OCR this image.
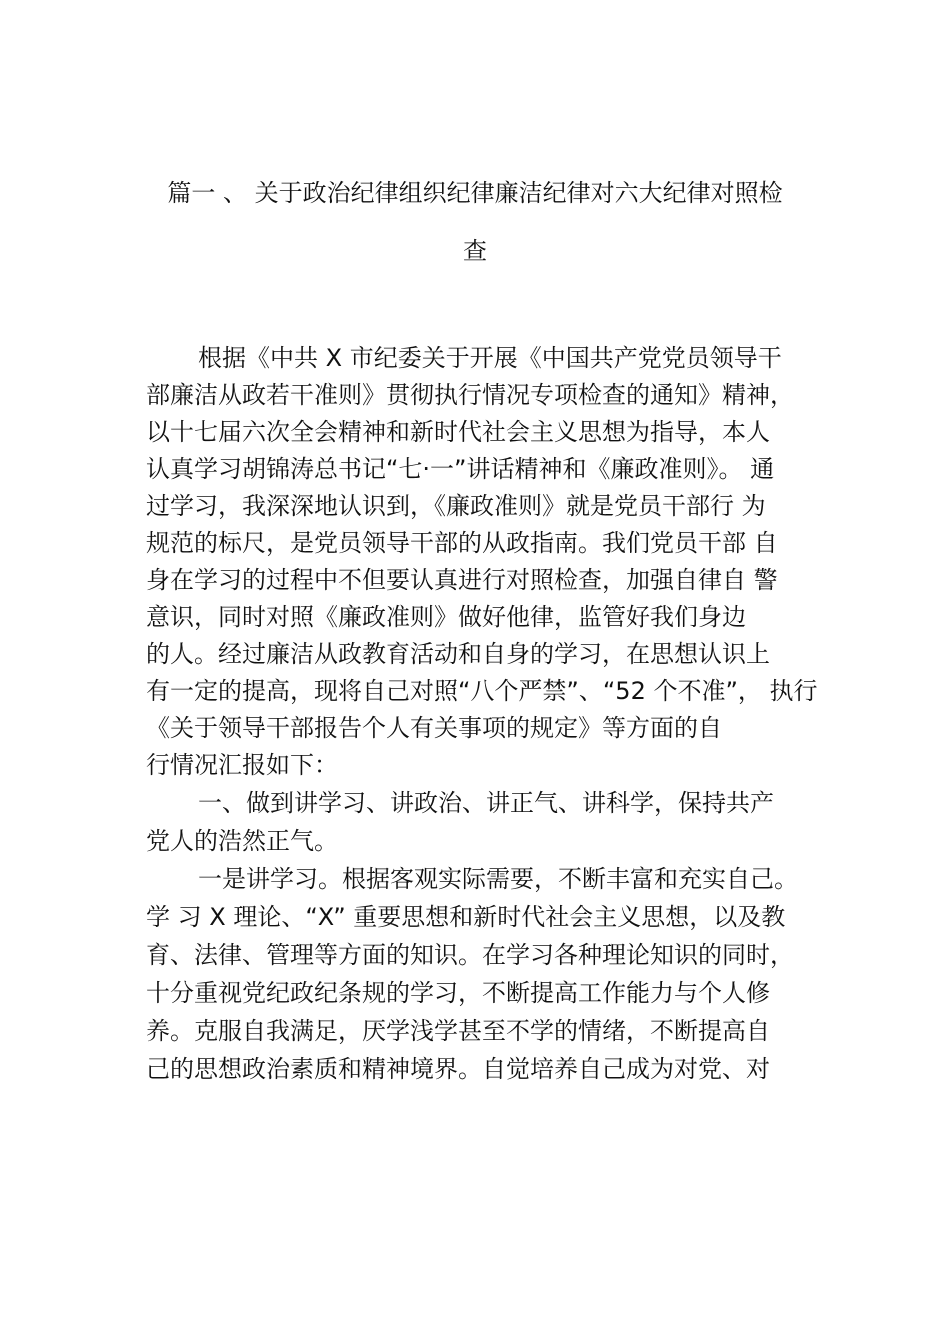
篇一 、 关于政治纪律组织纪律廉洁纪律对六大纪律对照检
查
根据《中共 X 市纪委关于开展《中国共产党党员领导干
部廉洁从政若干准则》贯彻执行情况专项检查的通知》精神，
以十七届六次全会精神和新时代社会主义思想为指导，本人
认真学习胡锦涛总书记“七·一”讲话精神和《廉政准则》。 通
过学习，我深深地认识到，《廉政准则》就是党员干部行 为
规范的标尺，是党员领导干部的从政指南。我们党员干部 自
身在学习的过程中不但要认真进行对照检查，加强自律自 警
意识，同时对照《廉政准则》做好他律，监管好我们身边
的人。经过廉洁从政教育活动和自身的学习，在思想认识上
有一定的提高，现将自己对照“八个严禁”、“52 个不准”， 执行
《关于领导干部报告个人有关事项的规定》等方面的自
行情况汇报如下：
一、做到讲学习、讲政治、讲正气、讲科学，保持共产
党人的浩然正气。
一是讲学习。根据客观实际需要，不断丰富和充实自己。
学 习 X 理论、“X” 重要思想和新时代社会主义思想，以及教
育、法律、管理等方面的知识。在学习各种理论知识的同时，
十分重视党纪政纪条规的学习，不断提高工作能力与个人修
养。克服自我满足，厌学浅学甚至不学的情绪，不断提高自
己的思想政治素质和精神境界。自觉培养自己成为对党、对
